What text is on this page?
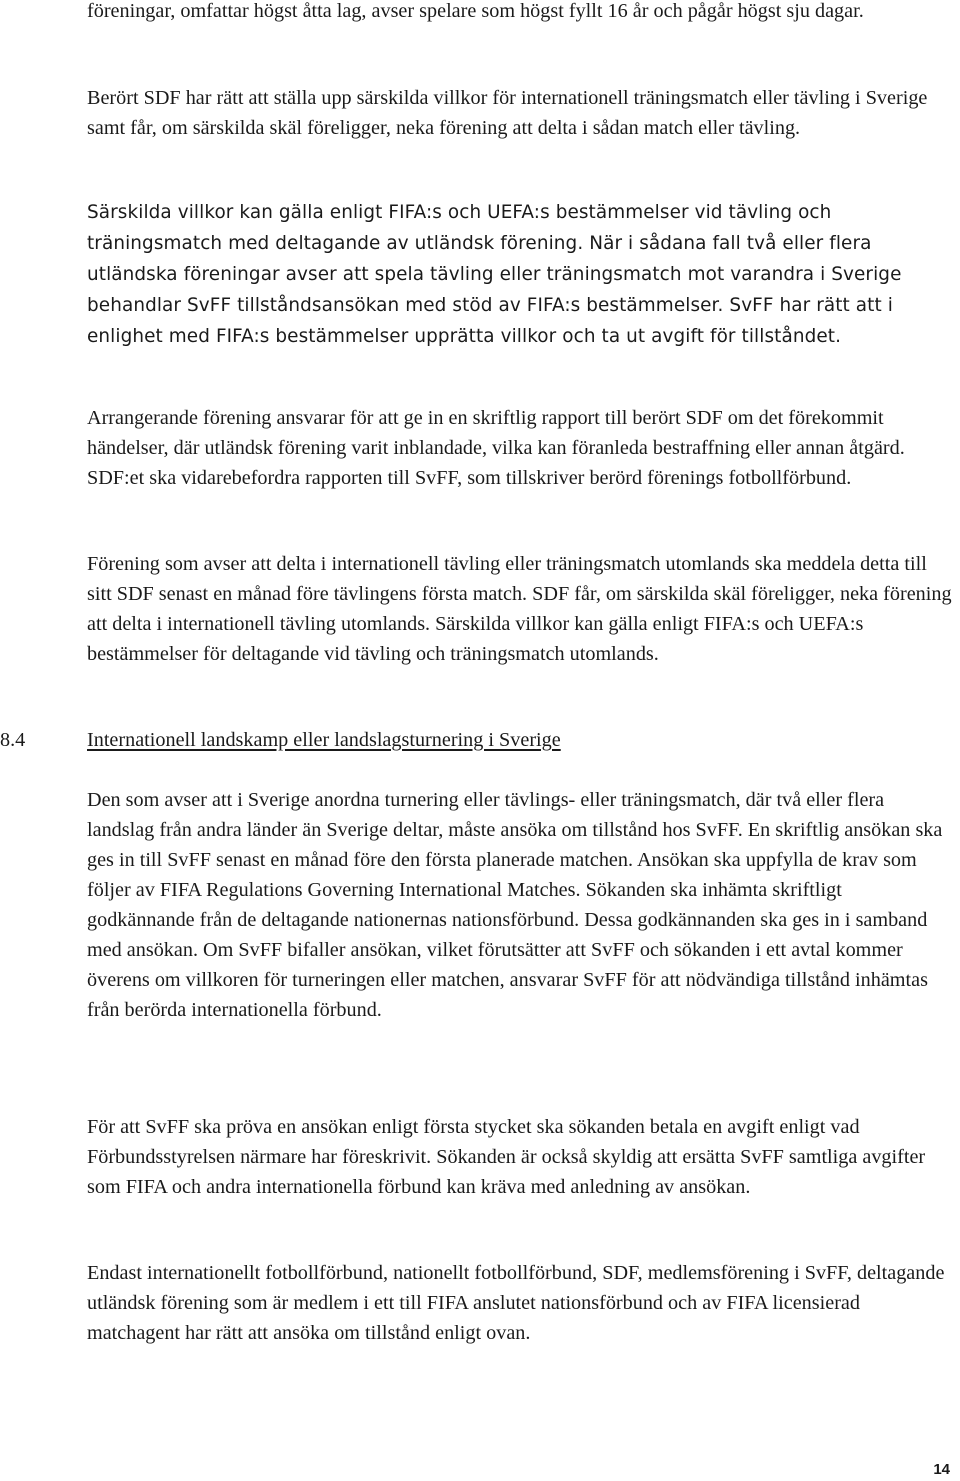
föreningar, omfattar högst åtta lag, avser spelare som högst fyllt 16 år och pågår högst sju dagar.

Berört SDF har rätt att ställa upp särskilda villkor för internationell träningsmatch eller tävling i Sverige samt får, om särskilda skäl föreligger, neka förening att delta i sådan match eller tävling.

Särskilda villkor kan gälla enligt FIFA:s och UEFA:s bestämmelser vid tävling och träningsmatch med deltagande av utländsk förening. När i sådana fall två eller flera utländska föreningar avser att spela tävling eller träningsmatch mot varandra i Sverige behandlar SvFF tillståndsansökan med stöd av FIFA:s bestämmelser. SvFF har rätt att i enlighet med FIFA:s bestämmelser upprätta villkor och ta ut avgift för tillståndet.

Arrangerande förening ansvarar för att ge in en skriftlig rapport till berört SDF om det förekommit händelser, där utländsk förening varit inblandade, vilka kan föranleda bestraffning eller annan åtgärd. SDF:et ska vidarebefordra rapporten till SvFF, som tillskriver berörd förenings fotbollförbund.

Förening som avser att delta i internationell tävling eller träningsmatch utomlands ska meddela detta till sitt SDF senast en månad före tävlingens första match. SDF får, om särskilda skäl föreligger, neka förening att delta i internationell tävling utomlands. Särskilda villkor kan gälla enligt FIFA:s och UEFA:s bestämmelser för deltagande vid tävling och träningsmatch utomlands.

8.4	Internationell landskamp eller landslagsturnering i Sverige

Den som avser att i Sverige anordna turnering eller tävlings- eller träningsmatch, där två eller flera landslag från andra länder än Sverige deltar, måste ansöka om tillstånd hos SvFF. En skriftlig ansökan ska ges in till SvFF senast en månad före den första planerade matchen. Ansökan ska uppfylla de krav som följer av FIFA Regulations Governing International Matches. Sökanden ska inhämta skriftligt godkännande från de deltagande nationernas nationsförbund. Dessa godkännanden ska ges in i samband med ansökan. Om SvFF bifaller ansökan, vilket förutsätter att SvFF och sökanden i ett avtal kommer överens om villkoren för turneringen eller matchen, ansvarar SvFF för att nödvändiga tillstånd inhämtas från berörda internationella förbund.

För att SvFF ska pröva en ansökan enligt första stycket ska sökanden betala en avgift enligt vad Förbundsstyrelsen närmare har föreskrivit. Sökanden är också skyldig att ersätta SvFF samtliga avgifter som FIFA och andra internationella förbund kan kräva med anledning av ansökan.

Endast internationellt fotbollförbund, nationellt fotbollförbund, SDF, medlemsförening i SvFF, deltagande utländsk förening som är medlem i ett till FIFA anslutet nationsförbund och av FIFA licensierad matchagent har rätt att ansöka om tillstånd enligt ovan.

14
